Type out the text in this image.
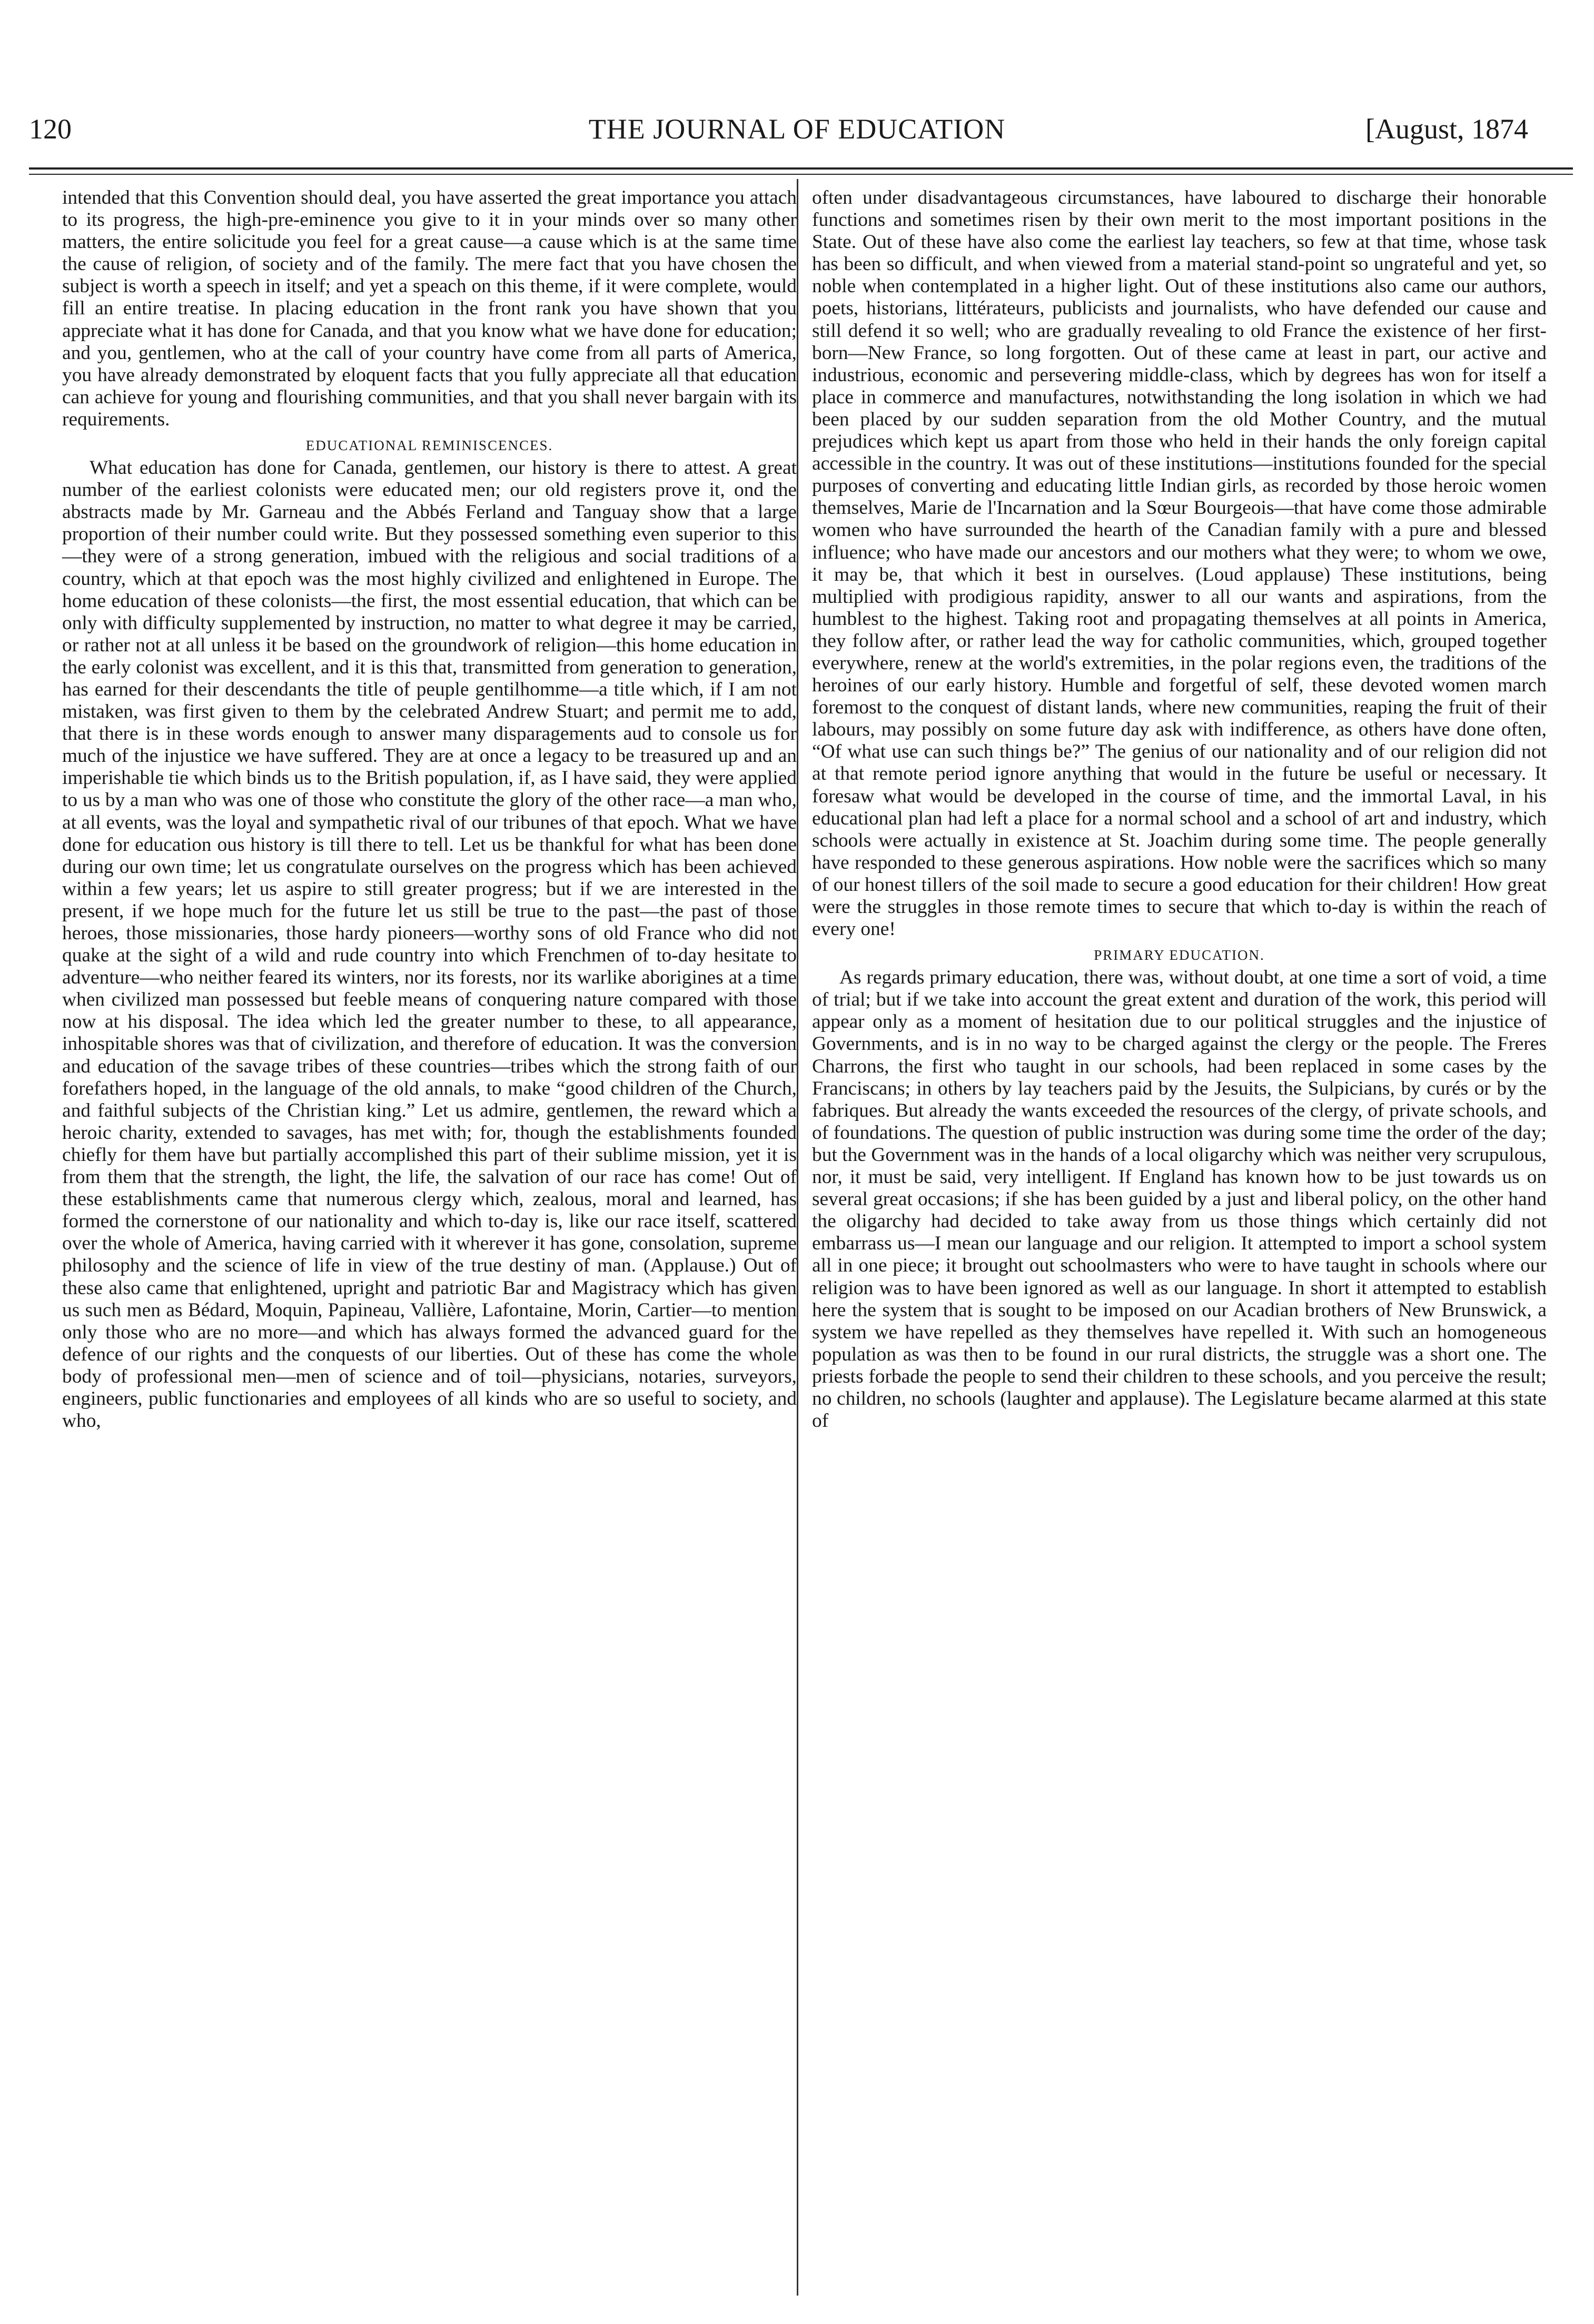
120	THE JOURNAL OF EDUCATION	[August, 1874

intended that this Convention should deal, you have asserted the great importance you attach to its progress, the high-pre-eminence you give to it in your minds over so many other matters, the entire solicitude you feel for a great cause—a cause which is at the same time the cause of religion, of society and of the family. The mere fact that you have chosen the subject is worth a speech in itself; and yet a speach on this theme, if it were complete, would fill an entire treatise. In placing education in the front rank you have shown that you appreciate what it has done for Canada, and that you know what we have done for education; and you, gentlemen, who at the call of your country have come from all parts of America, you have already demonstrated by eloquent facts that you fully appreciate all that education can achieve for young and flourishing communities, and that you shall never bargain with its requirements.

EDUCATIONAL REMINISCENCES.

What education has done for Canada, gentlemen, our history is there to attest. A great number of the earliest colonists were educated men; our old registers prove it, ond the abstracts made by Mr. Garneau and the Abbés Ferland and Tanguay show that a large proportion of their number could write. But they possessed something even superior to this—they were of a strong generation, imbued with the religious and social traditions of a country, which at that epoch was the most highly civilized and enlightened in Europe. The home education of these colonists—the first, the most essential education, that which can be only with difficulty supplemented by instruction, no matter to what degree it may be carried, or rather not at all unless it be based on the groundwork of religion—this home education in the early colonist was excellent, and it is this that, transmitted from generation to generation, has earned for their descendants the title of peuple gentilhomme—a title which, if I am not mistaken, was first given to them by the celebrated Andrew Stuart; and permit me to add, that there is in these words enough to answer many disparagements aud to console us for much of the injustice we have suffered. They are at once a legacy to be treasured up and an imperishable tie which binds us to the British population, if, as I have said, they were applied to us by a man who was one of those who constitute the glory of the other race—a man who, at all events, was the loyal and sympathetic rival of our tribunes of that epoch. What we have done for education ous history is till there to tell. Let us be thankful for what has been done during our own time; let us congratulate ourselves on the progress which has been achieved within a few years; let us aspire to still greater progress; but if we are interested in the present, if we hope much for the future let us still be true to the past—the past of those heroes, those missionaries, those hardy pioneers—worthy sons of old France who did not quake at the sight of a wild and rude country into which Frenchmen of to-day hesitate to adventure—who neither feared its winters, nor its forests, nor its warlike aborigines at a time when civilized man possessed but feeble means of conquering nature compared with those now at his disposal. The idea which led the greater number to these, to all appearance, inhospitable shores was that of civilization, and therefore of education. It was the conversion and education of the savage tribes of these countries—tribes which the strong faith of our forefathers hoped, in the language of the old annals, to make “good children of the Church, and faithful subjects of the Christian king.” Let us admire, gentlemen, the reward which a heroic charity, extended to savages, has met with; for, though the establishments founded chiefly for them have but partially accomplished this part of their sublime mission, yet it is from them that the strength, the light, the life, the salvation of our race has come! Out of these establishments came that numerous clergy which, zealous, moral and learned, has formed the cornerstone of our nationality and which to-day is, like our race itself, scattered over the whole of America, having carried with it wherever it has gone, consolation, supreme philosophy and the science of life in view of the true destiny of man. (Applause.) Out of these also came that enlightened, upright and patriotic Bar and Magistracy which has given us such men as Bédard, Moquin, Papineau, Vallière, Lafontaine, Morin, Cartier—to mention only those who are no more—and which has always formed the advanced guard for the defence of our rights and the conquests of our liberties. Out of these has come the whole body of professional men—men of science and of toil—physicians, notaries, surveyors, engineers, public functionaries and employees of all kinds who are so useful to society, and who,

often under disadvantageous circumstances, have laboured to discharge their honorable functions and sometimes risen by their own merit to the most important positions in the State. Out of these have also come the earliest lay teachers, so few at that time, whose task has been so difficult, and when viewed from a material stand-point so ungrateful and yet, so noble when contemplated in a higher light. Out of these institutions also came our authors, poets, historians, littérateurs, publicists and journalists, who have defended our cause and still defend it so well; who are gradually revealing to old France the existence of her first-born—New France, so long forgotten. Out of these came at least in part, our active and industrious, economic and persevering middle-class, which by degrees has won for itself a place in commerce and manufactures, notwithstanding the long isolation in which we had been placed by our sudden separation from the old Mother Country, and the mutual prejudices which kept us apart from those who held in their hands the only foreign capital accessible in the country. It was out of these institutions—institutions founded for the special purposes of converting and educating little Indian girls, as recorded by those heroic women themselves, Marie de l'Incarnation and la Sœur Bourgeois—that have come those admirable women who have surrounded the hearth of the Canadian family with a pure and blessed influence; who have made our ancestors and our mothers what they were; to whom we owe, it may be, that which it best in ourselves. (Loud applause) These institutions, being multiplied with prodigious rapidity, answer to all our wants and aspirations, from the humblest to the highest. Taking root and propagating themselves at all points in America, they follow after, or rather lead the way for catholic communities, which, grouped together everywhere, renew at the world's extremities, in the polar regions even, the traditions of the heroines of our early history. Humble and forgetful of self, these devoted women march foremost to the conquest of distant lands, where new communities, reaping the fruit of their labours, may possibly on some future day ask with indifference, as others have done often, “Of what use can such things be?” The genius of our nationality and of our religion did not at that remote period ignore anything that would in the future be useful or necessary. It foresaw what would be developed in the course of time, and the immortal Laval, in his educational plan had left a place for a normal school and a school of art and industry, which schools were actually in existence at St. Joachim during some time. The people generally have responded to these generous aspirations. How noble were the sacrifices which so many of our honest tillers of the soil made to secure a good education for their children! How great were the struggles in those remote times to secure that which to-day is within the reach of every one!

PRIMARY EDUCATION.

As regards primary education, there was, without doubt, at one time a sort of void, a time of trial; but if we take into account the great extent and duration of the work, this period will appear only as a moment of hesitation due to our political struggles and the injustice of Governments, and is in no way to be charged against the clergy or the people. The Freres Charrons, the first who taught in our schools, had been replaced in some cases by the Franciscans; in others by lay teachers paid by the Jesuits, the Sulpicians, by curés or by the fabriques. But already the wants exceeded the resources of the clergy, of private schools, and of foundations. The question of public instruction was during some time the order of the day; but the Government was in the hands of a local oligarchy which was neither very scrupulous, nor, it must be said, very intelligent. If England has known how to be just towards us on several great occasions; if she has been guided by a just and liberal policy, on the other hand the oligarchy had decided to take away from us those things which certainly did not embarrass us—I mean our language and our religion. It attempted to import a school system all in one piece; it brought out schoolmasters who were to have taught in schools where our religion was to have been ignored as well as our language. In short it attempted to establish here the system that is sought to be imposed on our Acadian brothers of New Brunswick, a system we have repelled as they themselves have repelled it. With such an homogeneous population as was then to be found in our rural districts, the struggle was a short one. The priests forbade the people to send their children to these schools, and you perceive the result; no children, no schools (laughter and applause). The Legislature became alarmed at this state of
